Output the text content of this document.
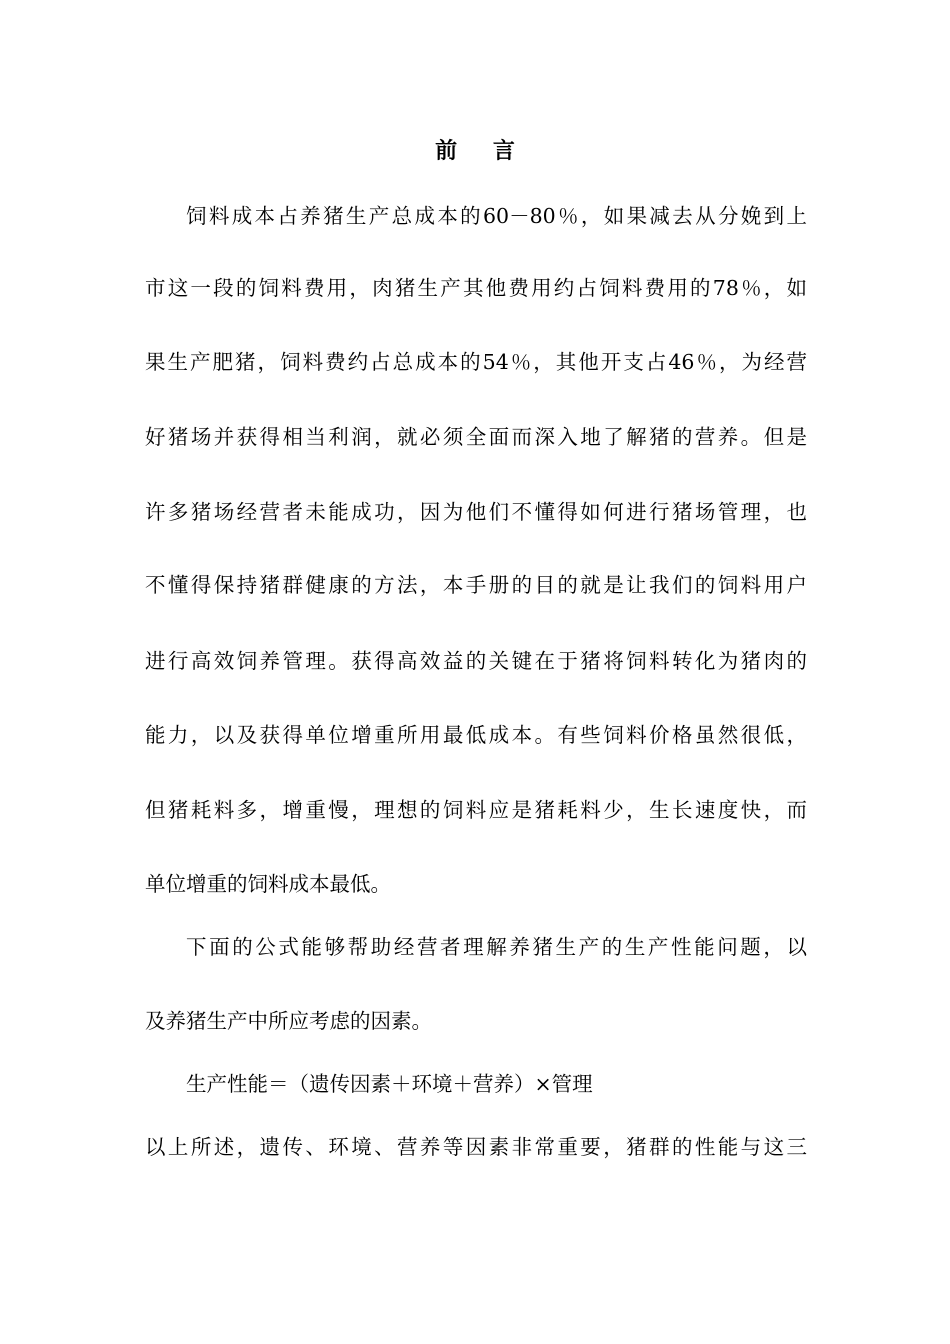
前 言
饲料成本占养猪生产总成本的60－80％，如果减去从分娩到上
市这一段的饲料费用，肉猪生产其他费用约占饲料费用的78％，如
果生产肥猪，饲料费约占总成本的54％，其他开支占46％，为经营
好猪场并获得相当利润，就必须全面而深入地了解猪的营养。但是
许多猪场经营者未能成功，因为他们不懂得如何进行猪场管理，也
不懂得保持猪群健康的方法，本手册的目的就是让我们的饲料用户
进行高效饲养管理。获得高效益的关键在于猪将饲料转化为猪肉的
能力，以及获得单位增重所用最低成本。有些饲料价格虽然很低，
但猪耗料多，增重慢，理想的饲料应是猪耗料少，生长速度快，而
单位增重的饲料成本最低。
下面的公式能够帮助经营者理解养猪生产的生产性能问题，以
及养猪生产中所应考虑的因素。
生产性能＝（遗传因素＋环境＋营养）×管理
以上所述，遗传、环境、营养等因素非常重要，猪群的性能与这三
